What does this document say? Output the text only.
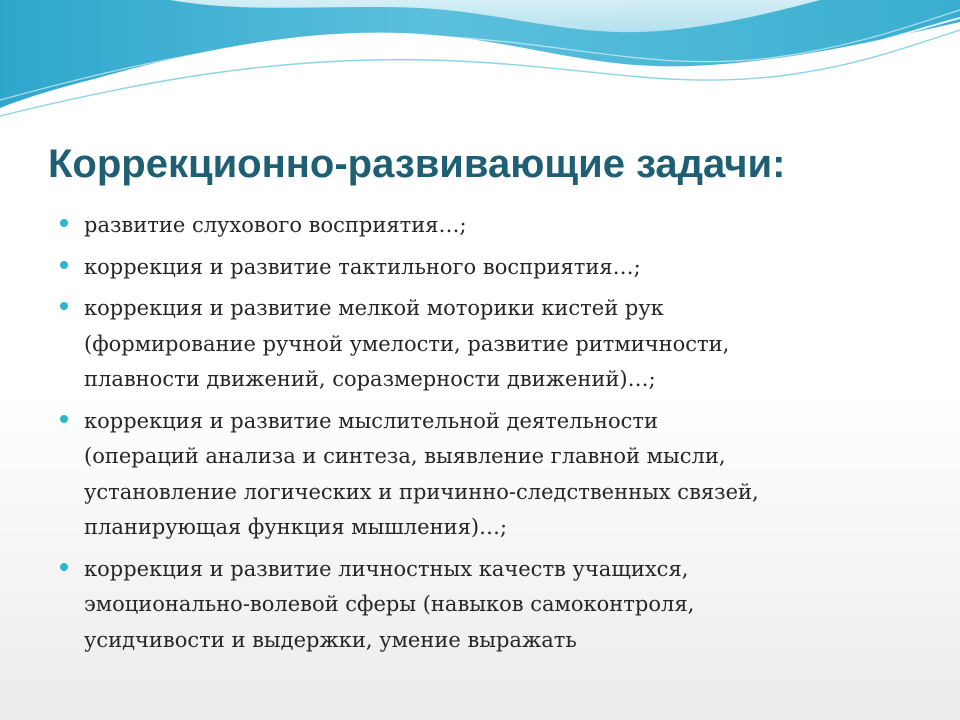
Коррекционно-развивающие задачи:
развитие слухового восприятия…;
коррекция и развитие тактильного восприятия…;
коррекция и развитие мелкой моторики кистей рук
(формирование ручной умелости, развитие ритмичности,
плавности движений, соразмерности движений)…;
коррекция и развитие мыслительной деятельности
(операций анализа и синтеза, выявление главной мысли,
установление логических и причинно-следственных связей,
планирующая функция мышления)…;
коррекция и развитие личностных качеств учащихся,
эмоционально-волевой сферы (навыков самоконтроля,
усидчивости и выдержки, умение выражать
